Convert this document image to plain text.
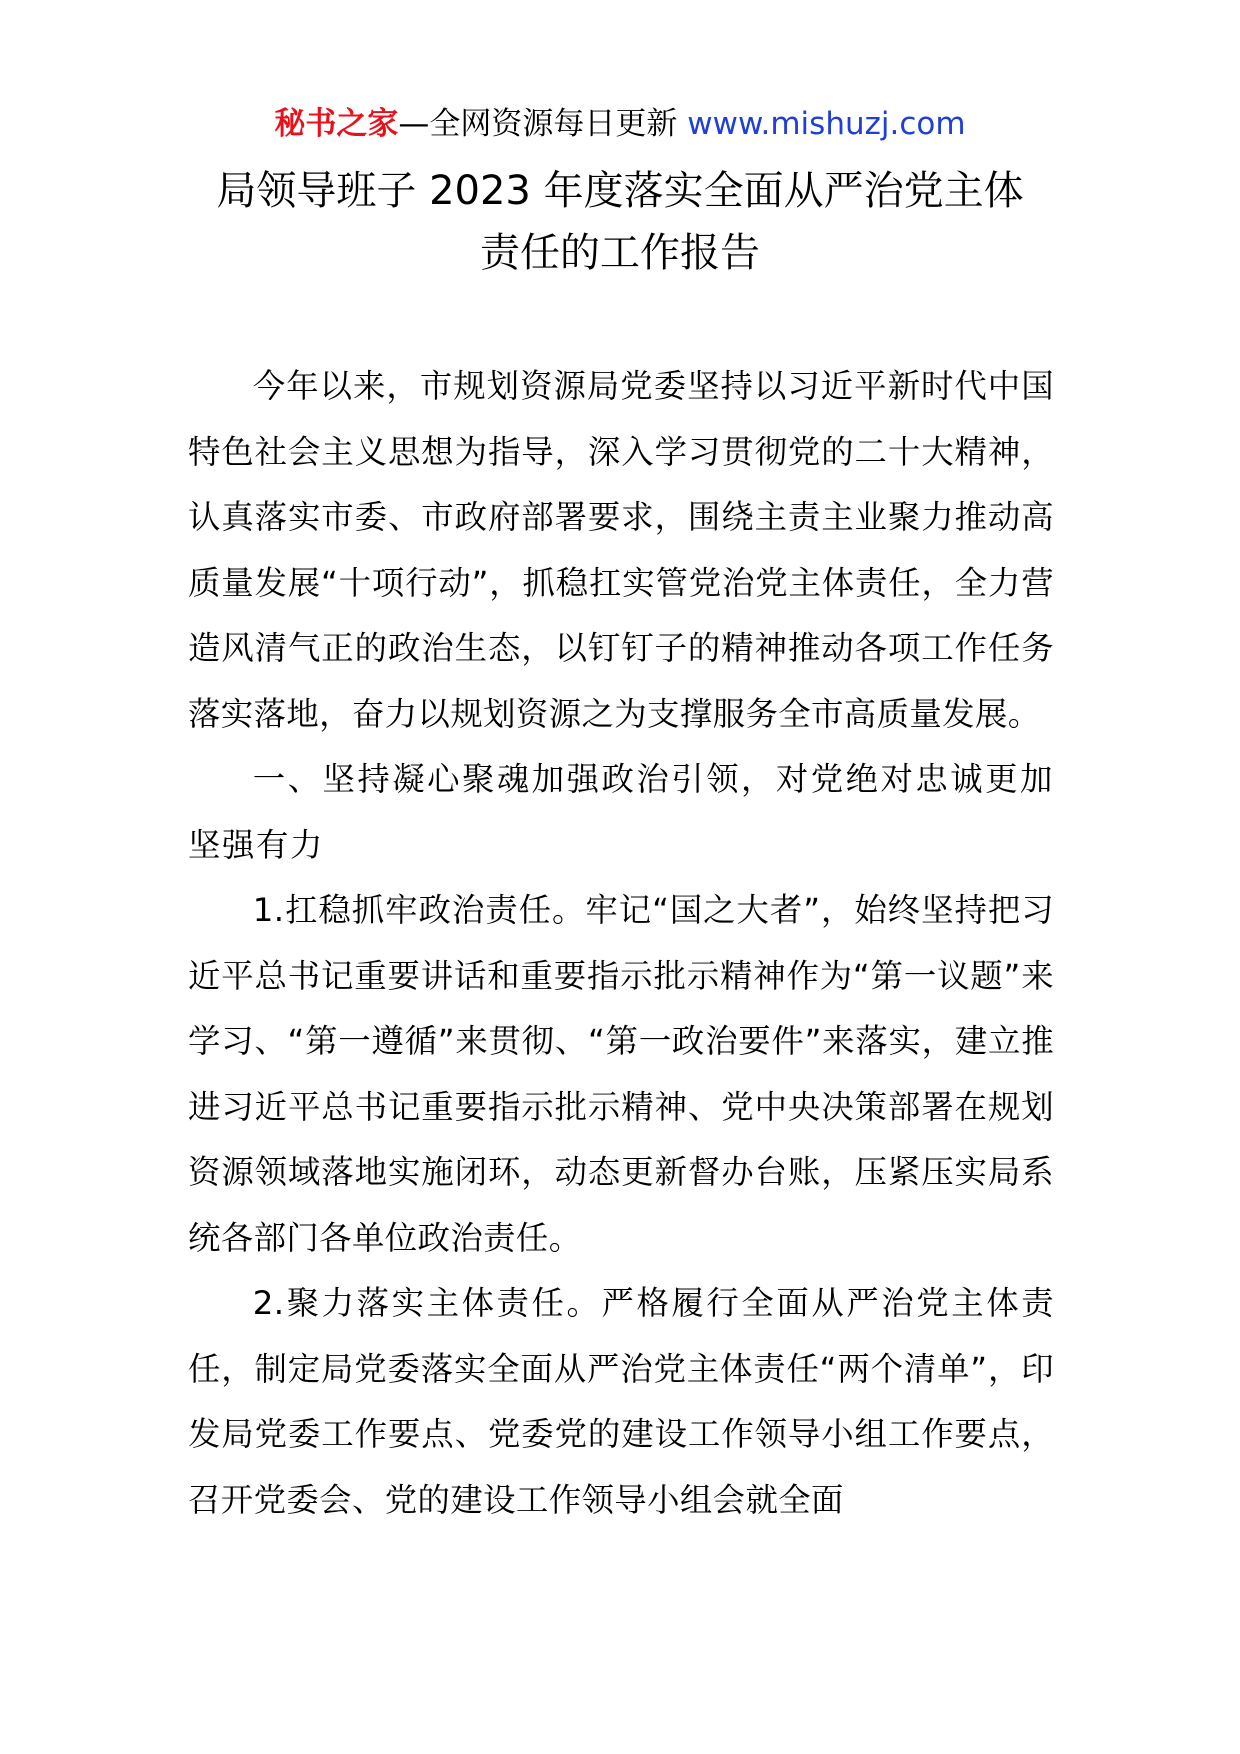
秘书之家—全网资源每日更新 www.mishuzj.com
局领导班子 2023 年度落实全面从严治党主体
责任的工作报告

今年以来，市规划资源局党委坚持以习近平新时代中国特色社会主义思想为指导，深入学习贯彻党的二十大精神，认真落实市委、市政府部署要求，围绕主责主业聚力推动高质量发展“十项行动”，抓稳扛实管党治党主体责任，全力营造风清气正的政治生态，以钉钉子的精神推动各项工作任务落实落地，奋力以规划资源之为支撑服务全市高质量发展。

一、坚持凝心聚魂加强政治引领，对党绝对忠诚更加坚强有力

1.扛稳抓牢政治责任。牢记“国之大者”，始终坚持把习近平总书记重要讲话和重要指示批示精神作为“第一议题”来学习、“第一遵循”来贯彻、“第一政治要件”来落实，建立推进习近平总书记重要指示批示精神、党中央决策部署在规划资源领域落地实施闭环，动态更新督办台账，压紧压实局系统各部门各单位政治责任。

2.聚力落实主体责任。严格履行全面从严治党主体责任，制定局党委落实全面从严治党主体责任“两个清单”，印发局党委工作要点、党委党的建设工作领导小组工作要点，召开党委会、党的建设工作领导小组会就全面
